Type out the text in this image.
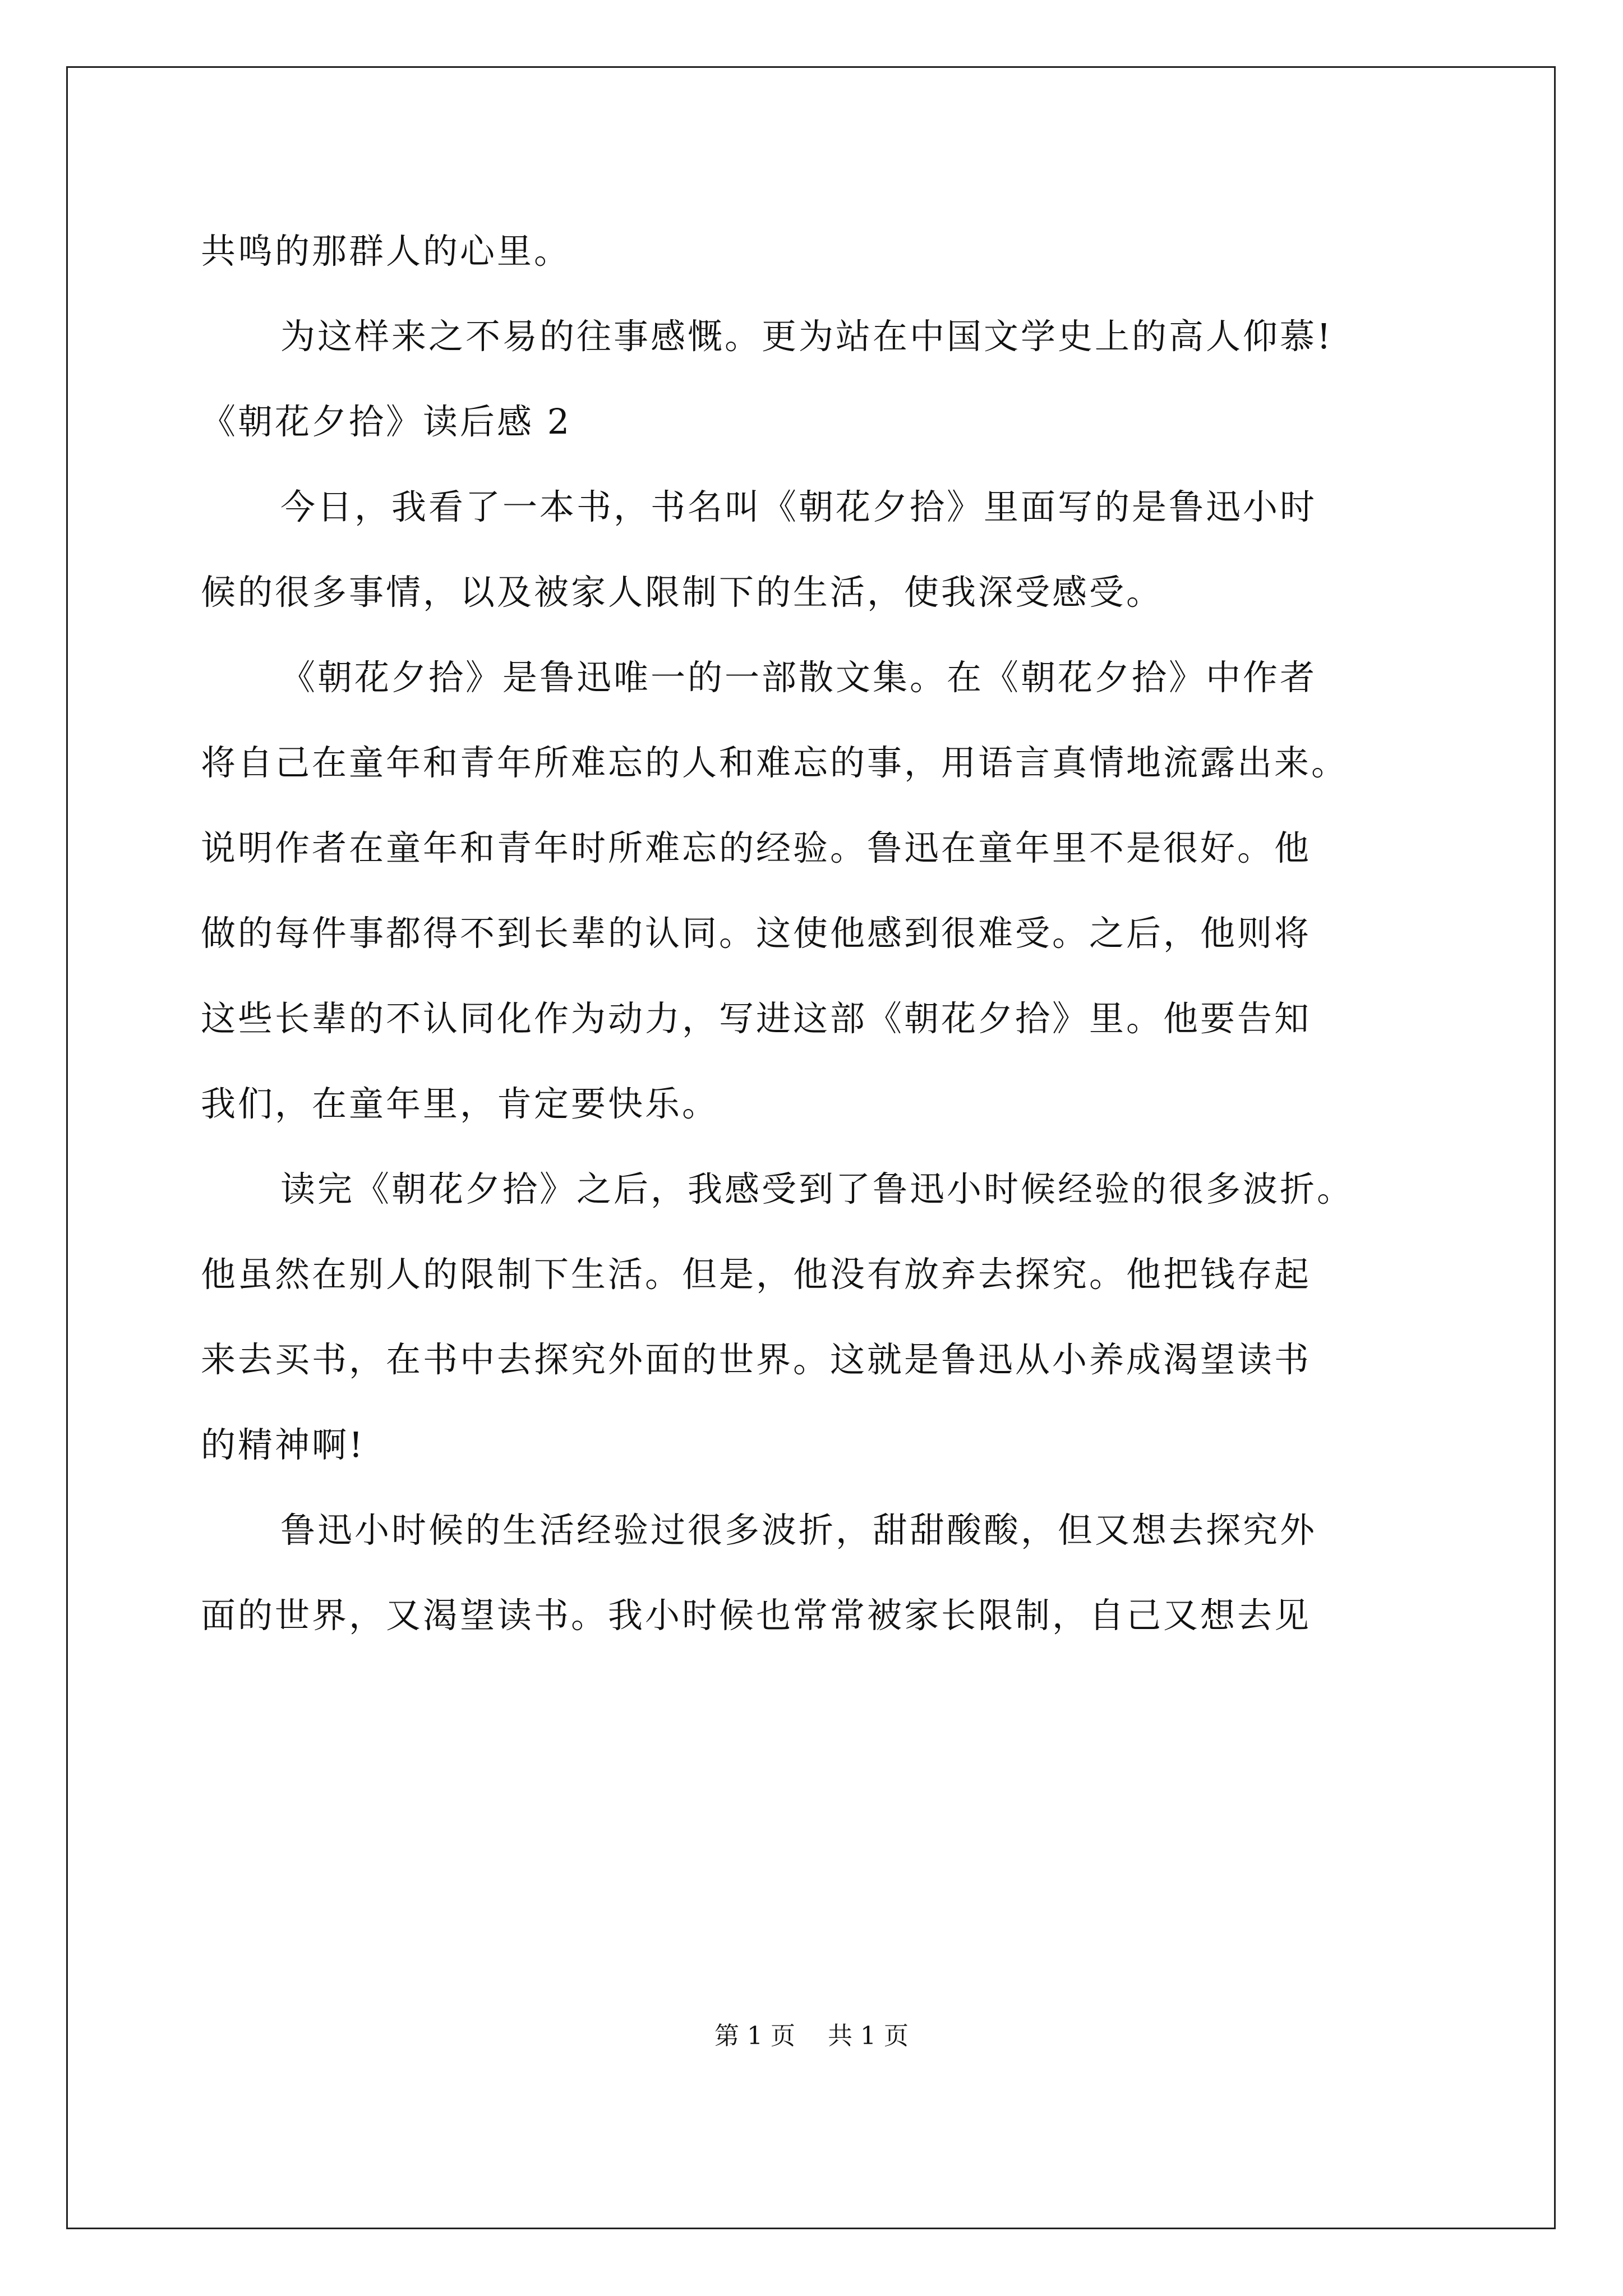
共鸣的那群人的心里。
为这样来之不易的往事感慨。更为站在中国文学史上的高人仰慕!
《朝花夕拾》读后感 2
今日，我看了一本书，书名叫《朝花夕拾》里面写的是鲁迅小时
候的很多事情，以及被家人限制下的生活，使我深受感受。
《朝花夕拾》是鲁迅唯一的一部散文集。在《朝花夕拾》中作者
将自己在童年和青年所难忘的人和难忘的事，用语言真情地流露出来。
说明作者在童年和青年时所难忘的经验。鲁迅在童年里不是很好。他
做的每件事都得不到长辈的认同。这使他感到很难受。之后，他则将
这些长辈的不认同化作为动力，写进这部《朝花夕拾》里。他要告知
我们，在童年里，肯定要快乐。
读完《朝花夕拾》之后，我感受到了鲁迅小时候经验的很多波折。
他虽然在别人的限制下生活。但是，他没有放弃去探究。他把钱存起
来去买书，在书中去探究外面的世界。这就是鲁迅从小养成渴望读书
的精神啊!
鲁迅小时候的生活经验过很多波折，甜甜酸酸，但又想去探究外
面的世界，又渴望读书。我小时候也常常被家长限制，自己又想去见
第 1 页 共 1 页
